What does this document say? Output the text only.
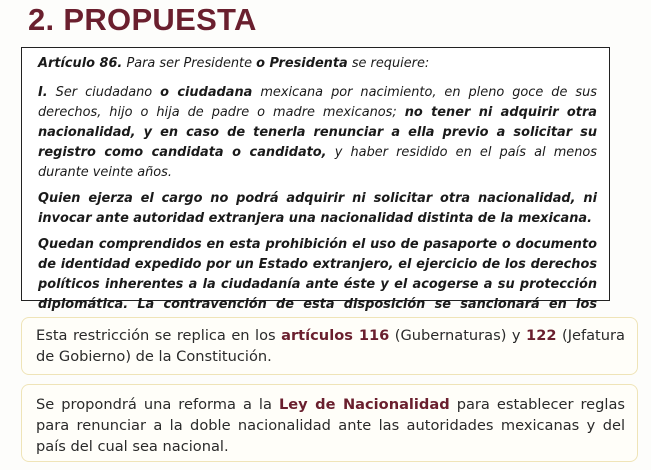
2. PROPUESTA

Artículo 86. Para ser Presidente o Presidenta se requiere:

I. Ser ciudadano o ciudadana mexicana por nacimiento, en pleno goce de sus derechos, hijo o hija de padre o madre mexicanos; no tener ni adquirir otra nacionalidad, y en caso de tenerla renunciar a ella previo a solicitar su registro como candidata o candidato, y haber residido en el país al menos durante veinte años.

Quien ejerza el cargo no podrá adquirir ni solicitar otra nacionalidad, ni invocar ante autoridad extranjera una nacionalidad distinta de la mexicana.

Quedan comprendidos en esta prohibición el uso de pasaporte o documento de identidad expedido por un Estado extranjero, el ejercicio de los derechos políticos inherentes a la ciudadanía ante éste y el acogerse a su protección diplomática. La contravención de esta disposición se sancionará en los

Esta restricción se replica en los artículos 116 (Gubernaturas) y 122 (Jefatura de Gobierno) de la Constitución.
Se propondrá una reforma a la Ley de Nacionalidad para establecer reglas para renunciar a la doble nacionalidad ante las autoridades mexicanas y del país del cual sea nacional.
